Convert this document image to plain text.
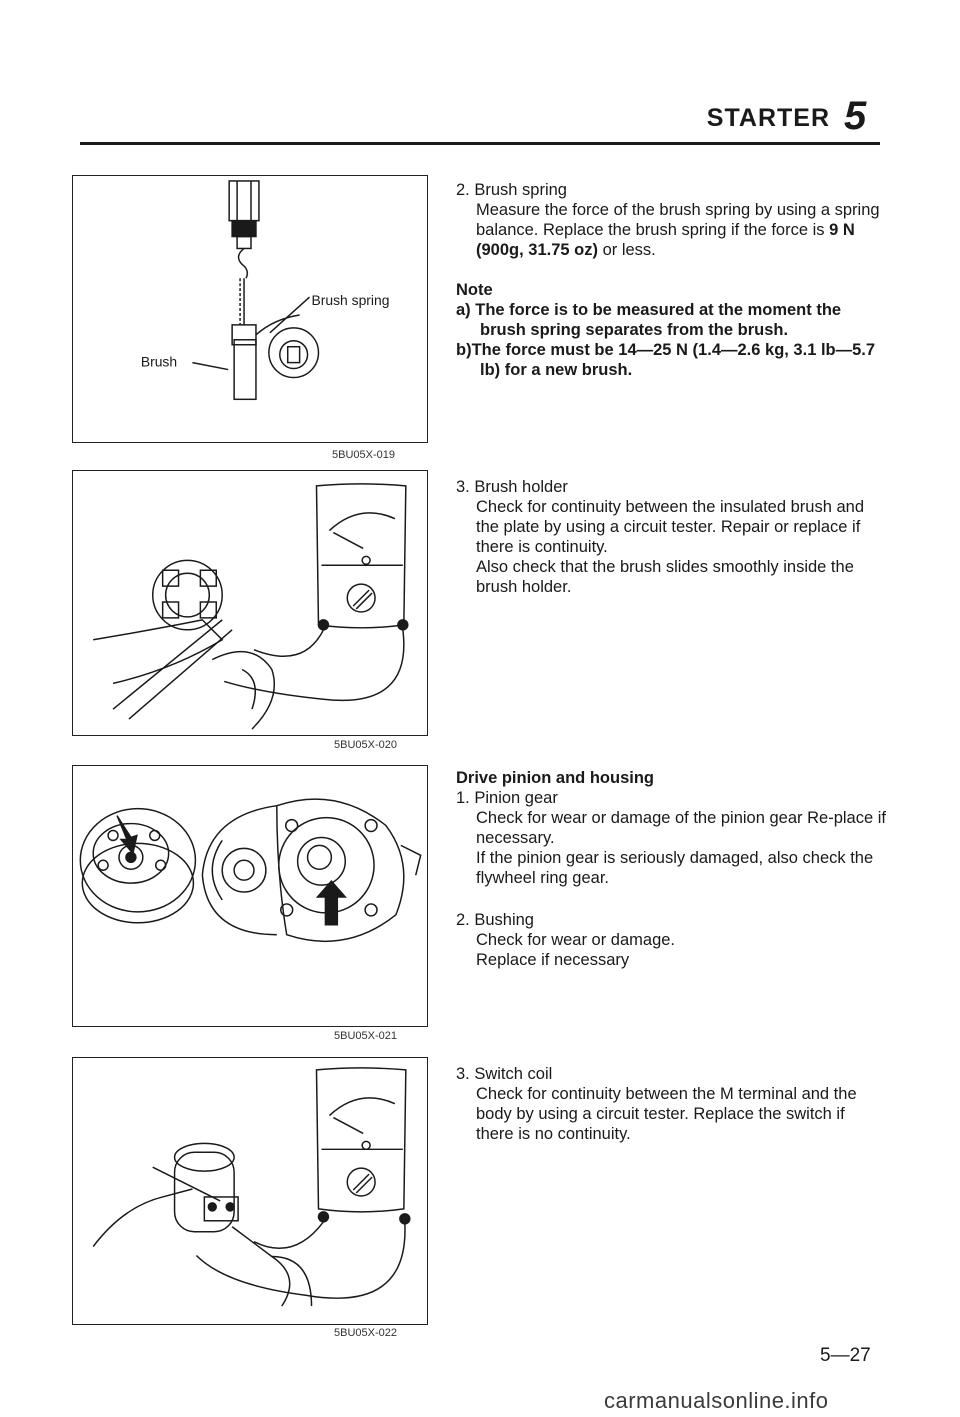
STARTER 5
Brush spring
Brush
5BU05X-019
5BU05X-020
5BU05X-021
5BU05X-022

2. Brush spring

Measure the force of the brush spring by using a spring balance. Replace the brush spring if the force is 9 N (900g, 31.75 oz) or less.

Note

a) The force is to be measured at the moment the brush spring separates from the brush.

b)The force must be 14—25 N (1.4—2.6 kg, 3.1 lb—5.7 lb) for a new brush.

3. Brush holder

Check for continuity between the insulated brush and the plate by using a circuit tester. Repair or replace if there is continuity.

Also check that the brush slides smoothly inside the brush holder.

Drive pinion and housing

1. Pinion gear

Check for wear or damage of the pinion gear Re-place if necessary.

If the pinion gear is seriously damaged, also check the flywheel ring gear.

2. Bushing

Check for wear or damage.

Replace if necessary

3. Switch coil

Check for continuity between the M terminal and the body by using a circuit tester. Replace the switch if there is no continuity.

5—27
carmanualsonline.info
